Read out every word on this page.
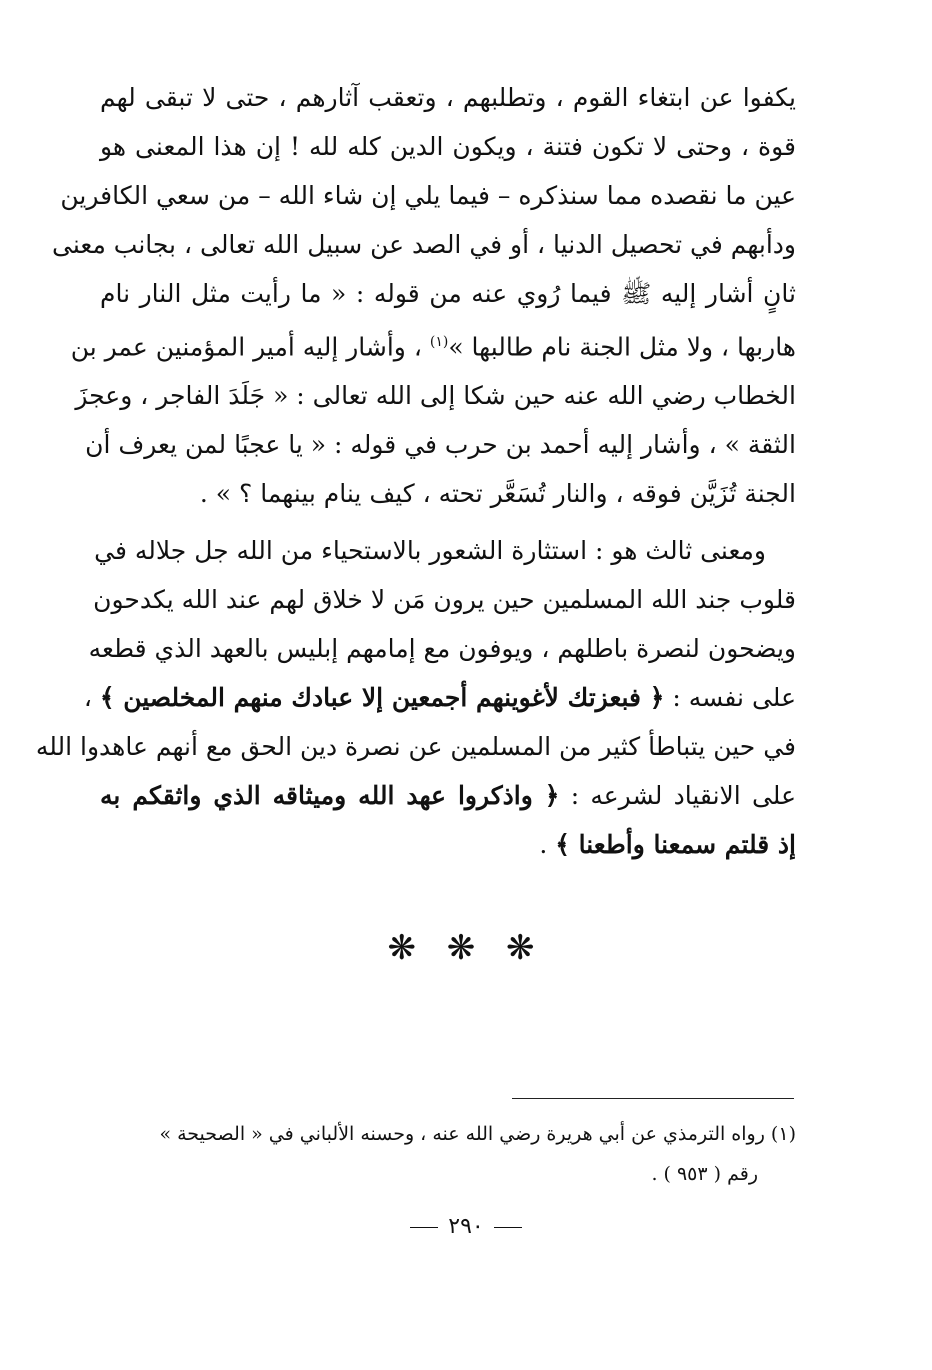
يكفوا عن ابتغاء القوم ، وتطلبهم ، وتعقب آثارهم ، حتى لا تبقى لهم
قوة ، وحتى لا تكون فتنة ، ويكون الدين كله لله ! إن هذا المعنى هو
عين ما نقصده مما سنذكره – فيما يلي إن شاء الله – من سعي الكافرين
ودأبهم في تحصيل الدنيا ، أو في الصد عن سبيل الله تعالى ، بجانب معنى
ثانٍ أشار إليه ﷺ فيما رُوي عنه من قوله : « ما رأيت مثل النار نام
هاربها ، ولا مثل الجنة نام طالبها »$^{(١)}$ ، وأشار إليه أمير المؤمنين عمر بن
الخطاب رضي الله عنه حين شكا إلى الله تعالى : « جَلَدَ الفاجر ، وعجزَ
الثقة » ، وأشار إليه أحمد بن حرب في قوله : « يا عجبًا لمن يعرف أن
الجنة تُزَيَّن فوقه ، والنار تُسَعَّر تحته ، كيف ينام بينهما ؟ » .
ومعنى ثالث هو : استثارة الشعور بالاستحياء من الله جل جلاله في
قلوب جند الله المسلمين حين يرون مَن لا خلاق لهم عند الله يكدحون
ويضحون لنصرة باطلهم ، ويوفون مع إمامهم إبليس بالعهد الذي قطعه
على نفسه : ﴿ فبعزتك لأغوينهم أجمعين إلا عبادك منهم المخلصين ﴾ ،
في حين يتباطأ كثير من المسلمين عن نصرة دين الحق مع أنهم عاهدوا الله
على الانقياد لشرعه : ﴿ واذكروا عهد الله وميثاقه الذي واثقكم به
إذ قلتم سمعنا وأطعنا ﴾ .
❋ ❋ ❋
(١) رواه الترمذي عن أبي هريرة رضي الله عنه ، وحسنه الألباني في « الصحيحة »
رقم ( ٩٥٣ ) .
٢٩٠
